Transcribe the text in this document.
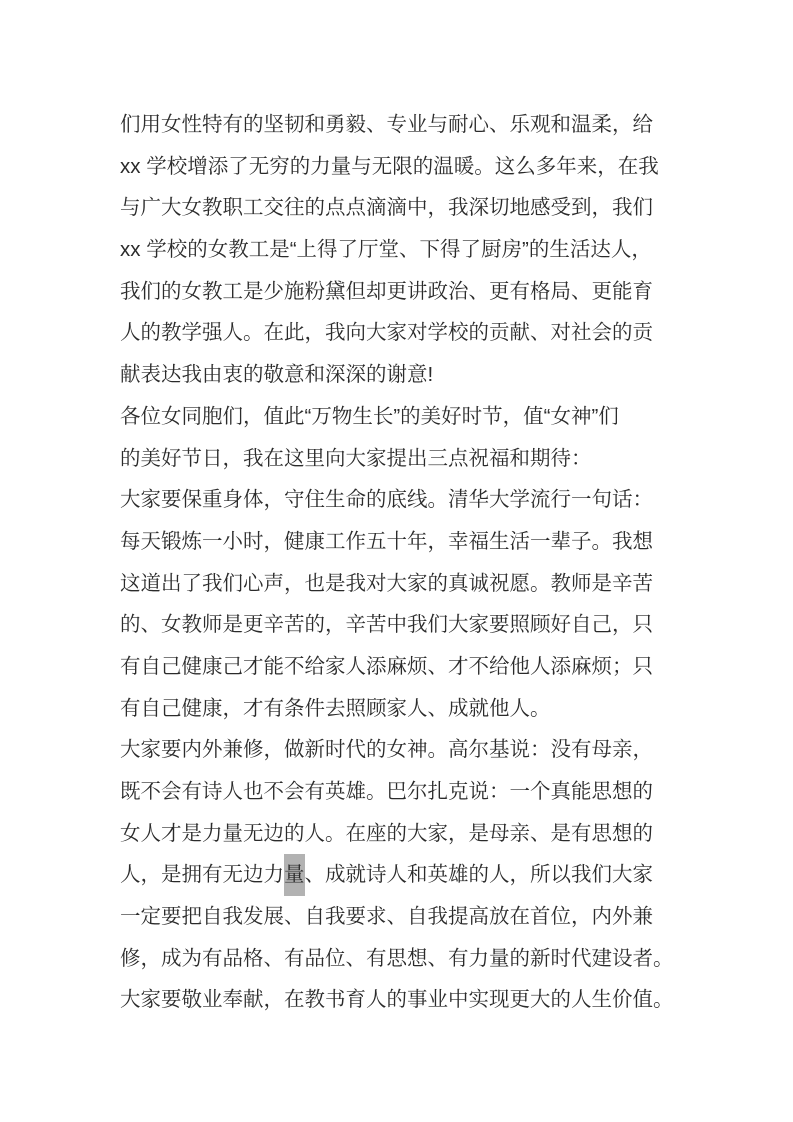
们用女性特有的坚韧和勇毅、专业与耐心、乐观和温柔，给
xx 学校增添了无穷的力量与无限的温暖。这么多年来，在我
与广大女教职工交往的点点滴滴中，我深切地感受到，我们
xx 学校的女教工是“上得了厅堂、下得了厨房”的生活达人，
我们的女教工是少施粉黛但却更讲政治、更有格局、更能育
人的教学强人。在此，我向大家对学校的贡献、对社会的贡
献表达我由衷的敬意和深深的谢意!
各位女同胞们，值此“万物生长”的美好时节，值“女神”们
的美好节日，我在这里向大家提出三点祝福和期待：
大家要保重身体，守住生命的底线。清华大学流行一句话：
每天锻炼一小时，健康工作五十年，幸福生活一辈子。我想
这道出了我们心声，也是我对大家的真诚祝愿。教师是辛苦
的、女教师是更辛苦的，辛苦中我们大家要照顾好自己，只
有自己健康己才能不给家人添麻烦、才不给他人添麻烦；只
有自己健康，才有条件去照顾家人、成就他人。
大家要内外兼修，做新时代的女神。高尔基说：没有母亲，
既不会有诗人也不会有英雄。巴尔扎克说：一个真能思想的
女人才是力量无边的人。在座的大家，是母亲、是有思想的
人，是拥有无边力量、成就诗人和英雄的人，所以我们大家
一定要把自我发展、自我要求、自我提高放在首位，内外兼
修，成为有品格、有品位、有思想、有力量的新时代建设者。
大家要敬业奉献，在教书育人的事业中实现更大的人生价值。
